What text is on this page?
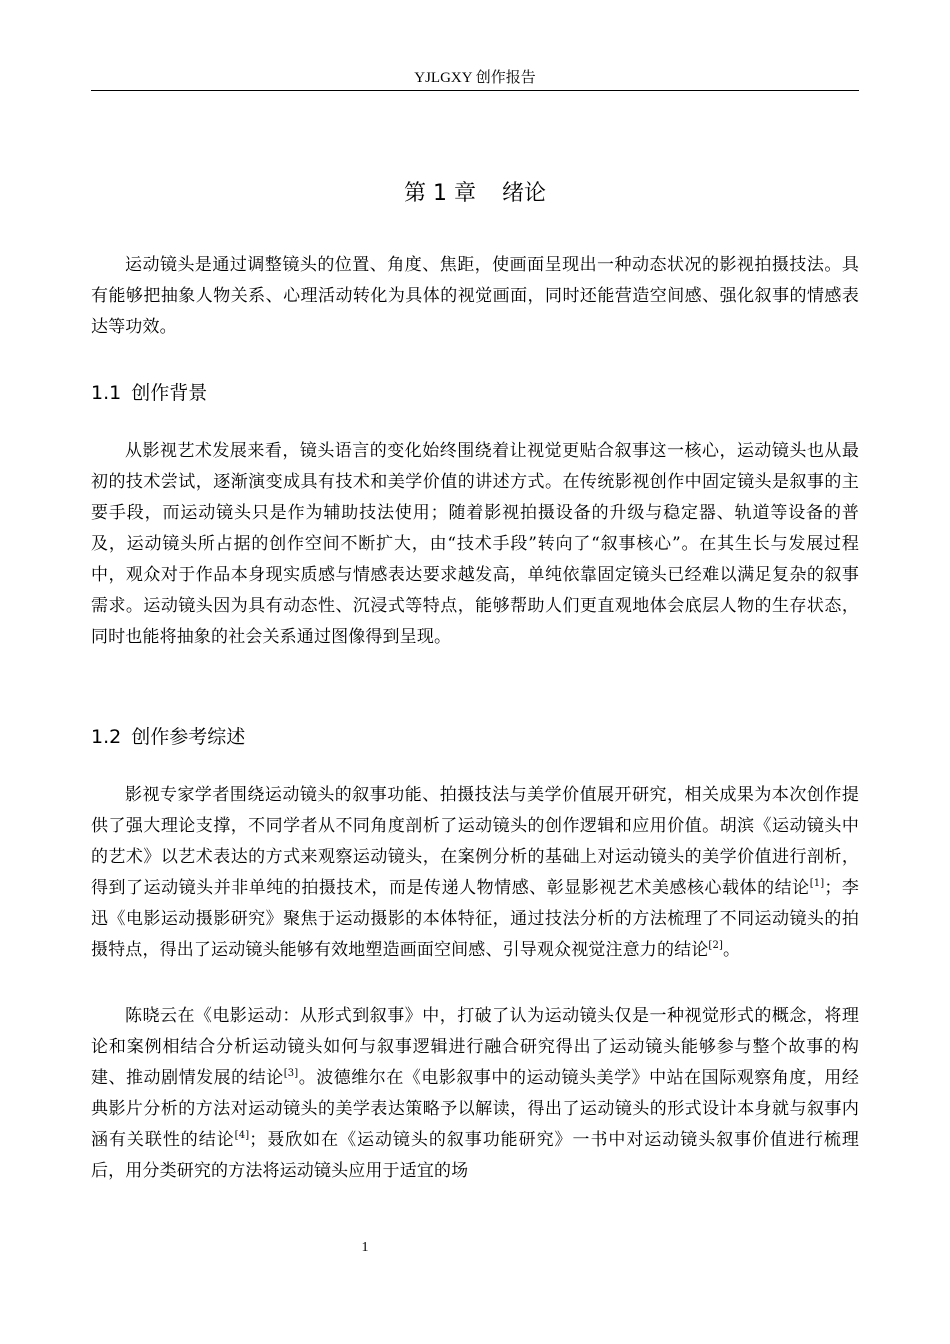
YJLGXY 创作报告
第 1 章 绪论

运动镜头是通过调整镜头的位置、角度、焦距，使画面呈现出一种动态状况的影视拍摄技法。具有能够把抽象人物关系、心理活动转化为具体的视觉画面，同时还能营造空间感、强化叙事的情感表达等功效。

1.1 创作背景

从影视艺术发展来看，镜头语言的变化始终围绕着让视觉更贴合叙事这一核心，运动镜头也从最初的技术尝试，逐渐演变成具有技术和美学价值的讲述方式。在传统影视创作中固定镜头是叙事的主要手段，而运动镜头只是作为辅助技法使用；随着影视拍摄设备的升级与稳定器、轨道等设备的普及，运动镜头所占据的创作空间不断扩大，由“技术手段”转向了“叙事核心”。在其生长与发展过程中，观众对于作品本身现实质感与情感表达要求越发高，单纯依靠固定镜头已经难以满足复杂的叙事需求。运动镜头因为具有动态性、沉浸式等特点，能够帮助人们更直观地体会底层人物的生存状态，同时也能将抽象的社会关系通过图像得到呈现。

1.2 创作参考综述

影视专家学者围绕运动镜头的叙事功能、拍摄技法与美学价值展开研究，相关成果为本次创作提供了强大理论支撑，不同学者从不同角度剖析了运动镜头的创作逻辑和应用价值。胡滨《运动镜头中的艺术》以艺术表达的方式来观察运动镜头，在案例分析的基础上对运动镜头的美学价值进行剖析，得到了运动镜头并非单纯的拍摄技术，而是传递人物情感、彰显影视艺术美感核心载体的结论[1]；李迅《电影运动摄影研究》聚焦于运动摄影的本体特征，通过技法分析的方法梳理了不同运动镜头的拍摄特点，得出了运动镜头能够有效地塑造画面空间感、引导观众视觉注意力的结论[2]。

陈晓云在《电影运动：从形式到叙事》中，打破了认为运动镜头仅是一种视觉形式的概念，将理论和案例相结合分析运动镜头如何与叙事逻辑进行融合研究得出了运动镜头能够参与整个故事的构建、推动剧情发展的结论[3]。波德维尔在《电影叙事中的运动镜头美学》中站在国际观察角度，用经典影片分析的方法对运动镜头的美学表达策略予以解读，得出了运动镜头的形式设计本身就与叙事内涵有关联性的结论[4]；聂欣如在《运动镜头的叙事功能研究》一书中对运动镜头叙事价值进行梳理后，用分类研究的方法将运动镜头应用于适宜的场

1
